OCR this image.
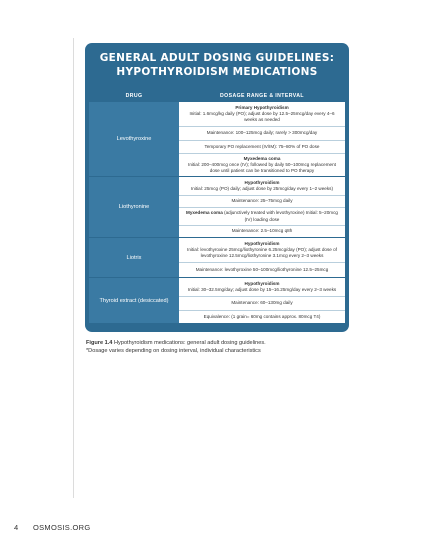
GENERAL ADULT DOSING GUIDELINES:
HYPOTHYROIDISM MEDICATIONS
DRUG	DOSAGE RANGE & INTERVAL
Levothyroxine
Primary Hypothyroidism
Initial: 1.6mcg/kg daily (PO); adjust dose by 12.5–25mcg/day every 4–6 weeks as needed
Maintenance: 100–125mcg daily; rarely > 300mcg/day
Temporary PO replacement (IV/IM): 75–80% of PO dose
Myxedema coma
Initial: 200–400mcg once (IV); followed by daily 50–100mcg replacement dose until patient can be transitioned to PO therapy
Liothyronine
Hypothyroidism
Initial: 25mcg (PO) daily; adjust dose by 25mcg/day every 1–2 weeks)
Maintenance: 25–75mcg daily
Myxedema coma (adjunctively treated with levothyroxine) Initial: 5–20mcg (IV) loading dose
Maintenance: 2.5–10mcg q8h
Liotrix
Hypothyroidism
Initial: levothyroxine 25mcg/liothyronine 6.25mcg/day (PO); adjust dose of levothyroxine 12.5mcg/liothyronine 3.1mcg every 2–3 weeks
Maintenance: levothyroxine 50–100mcg/liothyronine 12.5–25mcg
Thyroid extract (desiccated)
Hypothyroidism
Initial: 30–32.5mg/day; adjust dose by 15–16.25mg/day every 2–3 weeks
Maintenance: 60–130mg daily
Equivalence: (1 grain= 60mg contains approx. 80mcg T4)
Figure 1.4 Hypothyroidism medications: general adult dosing guidelines.
*Dosage varies depending on dosing interval, individual characteristics
4 OSMOSIS.ORG
